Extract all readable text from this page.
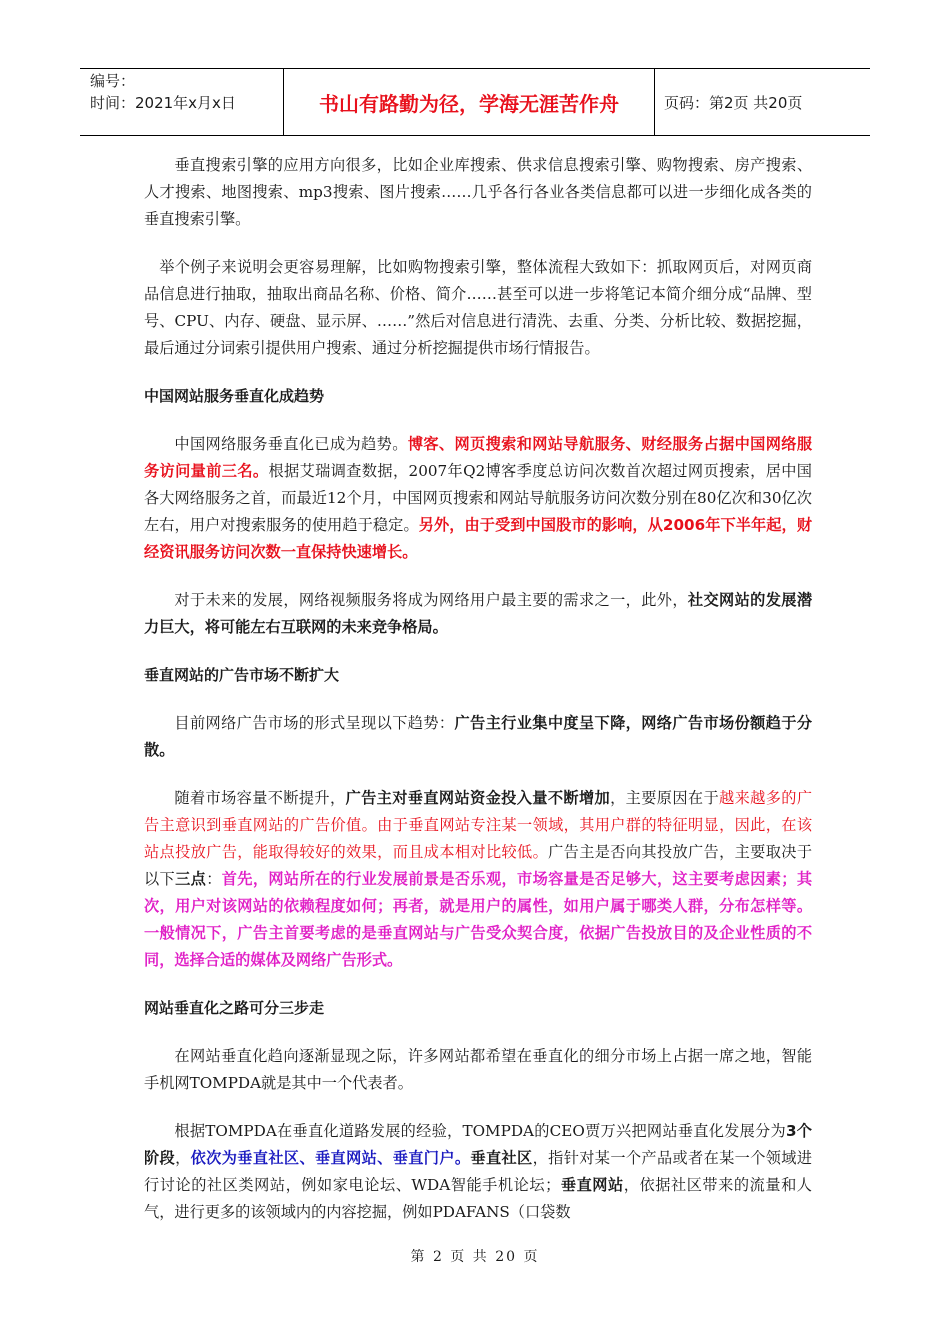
编号：
时间：2021年x月x日	书山有路勤为径，学海无涯苦作舟	页码：第2页 共20页

垂直搜索引擎的应用方向很多，比如企业库搜索、供求信息搜索引擎、购物搜索、房产搜索、人才搜索、地图搜索、mp3搜索、图片搜索……几乎各行各业各类信息都可以进一步细化成各类的垂直搜索引擎。

举个例子来说明会更容易理解，比如购物搜索引擎，整体流程大致如下：抓取网页后，对网页商品信息进行抽取，抽取出商品名称、价格、简介……甚至可以进一步将笔记本简介细分成“品牌、型号、CPU、内存、硬盘、显示屏、……”然后对信息进行清洗、去重、分类、分析比较、数据挖掘，最后通过分词索引提供用户搜索、通过分析挖掘提供市场行情报告。

中国网站服务垂直化成趋势

中国网络服务垂直化已成为趋势。博客、网页搜索和网站导航服务、财经服务占据中国网络服务访问量前三名。根据艾瑞调查数据，2007年Q2博客季度总访问次数首次超过网页搜索，居中国各大网络服务之首，而最近12个月，中国网页搜索和网站导航服务访问次数分别在80亿次和30亿次左右，用户对搜索服务的使用趋于稳定。另外，由于受到中国股市的影响，从2006年下半年起，财经资讯服务访问次数一直保持快速增长。

对于未来的发展，网络视频服务将成为网络用户最主要的需求之一，此外，社交网站的发展潜力巨大，将可能左右互联网的未来竞争格局。

垂直网站的广告市场不断扩大

目前网络广告市场的形式呈现以下趋势：广告主行业集中度呈下降，网络广告市场份额趋于分散。

随着市场容量不断提升，广告主对垂直网站资金投入量不断增加，主要原因在于越来越多的广告主意识到垂直网站的广告价值。由于垂直网站专注某一领域，其用户群的特征明显，因此，在该站点投放广告，能取得较好的效果，而且成本相对比较低。广告主是否向其投放广告，主要取决于以下三点：首先，网站所在的行业发展前景是否乐观，市场容量是否足够大，这主要考虑因素；其次，用户对该网站的依赖程度如何；再者，就是用户的属性，如用户属于哪类人群，分布怎样等。一般情况下，广告主首要考虑的是垂直网站与广告受众契合度，依据广告投放目的及企业性质的不同，选择合适的媒体及网络广告形式。

网站垂直化之路可分三步走

在网站垂直化趋向逐渐显现之际，许多网站都希望在垂直化的细分市场上占据一席之地，智能手机网TOMPDA就是其中一个代表者。

根据TOMPDA在垂直化道路发展的经验，TOMPDA的CEO贾万兴把网站垂直化发展分为3个阶段，依次为垂直社区、垂直网站、垂直门户。垂直社区，指针对某一个产品或者在某一个领域进行讨论的社区类网站，例如家电论坛、WDA智能手机论坛；垂直网站，依据社区带来的流量和人气，进行更多的该领域内的内容挖掘，例如PDAFANS（口袋数

第 2 页 共 20 页
